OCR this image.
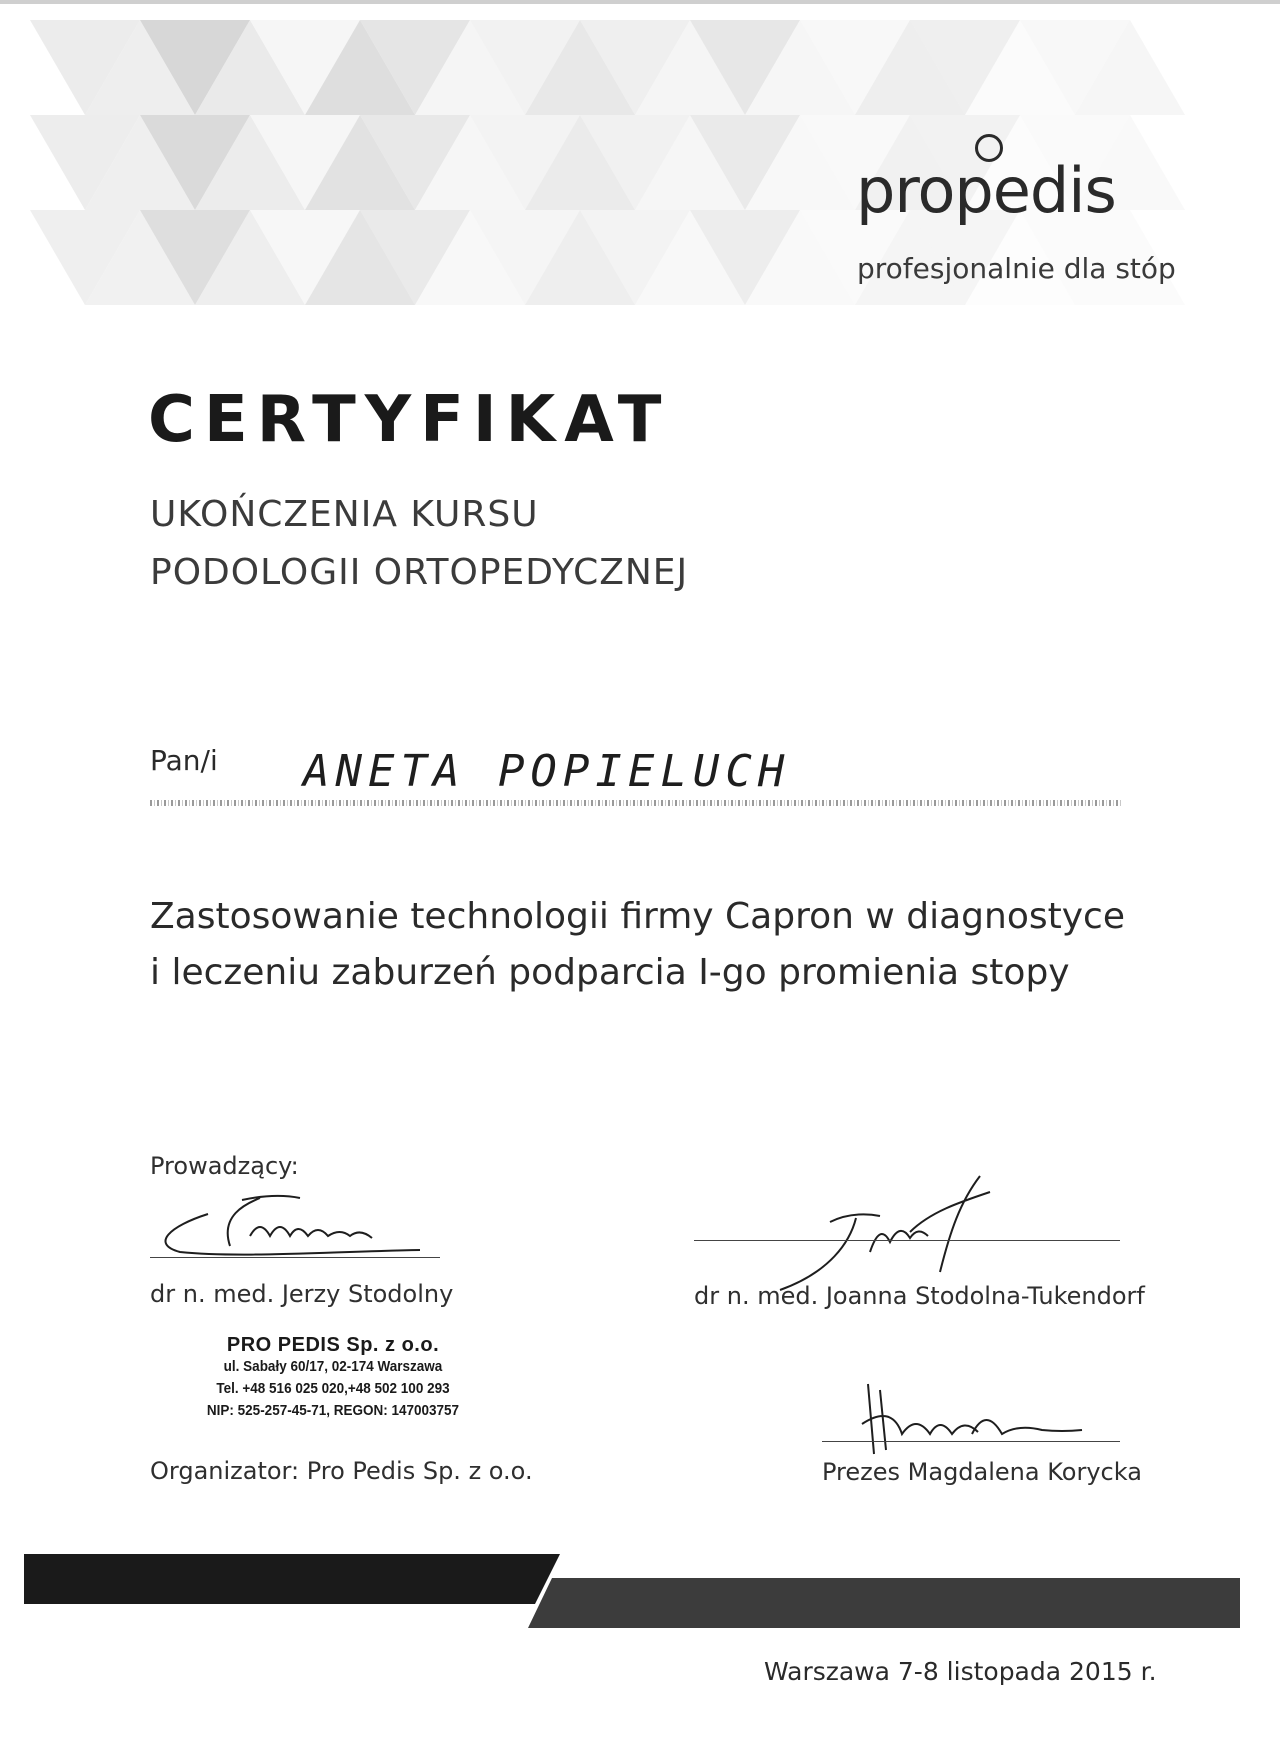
propedis
profesjonalnie dla stóp
CERTYFIKAT
UKOŃCZENIA KURSU
PODOLOGII ORTOPEDYCZNEJ
Pan/i ANETA POPIELUCH
Zastosowanie technologii firmy Capron w diagnostyce
i leczeniu zaburzeń podparcia I-go promienia stopy
Prowadzący:
dr n. med. Jerzy Stodolny	dr n. med. Joanna Stodolna-Tukendorf
PRO PEDIS Sp. z o.o.
ul. Sabały 60/17, 02-174 Warszawa
Tel. +48 516 025 020,+48 502 100 293
NIP: 525-257-45-71, REGON: 147003757
Organizator: Pro Pedis Sp. z o.o.	Prezes Magdalena Korycka
Warszawa 7-8 listopada 2015 r.
